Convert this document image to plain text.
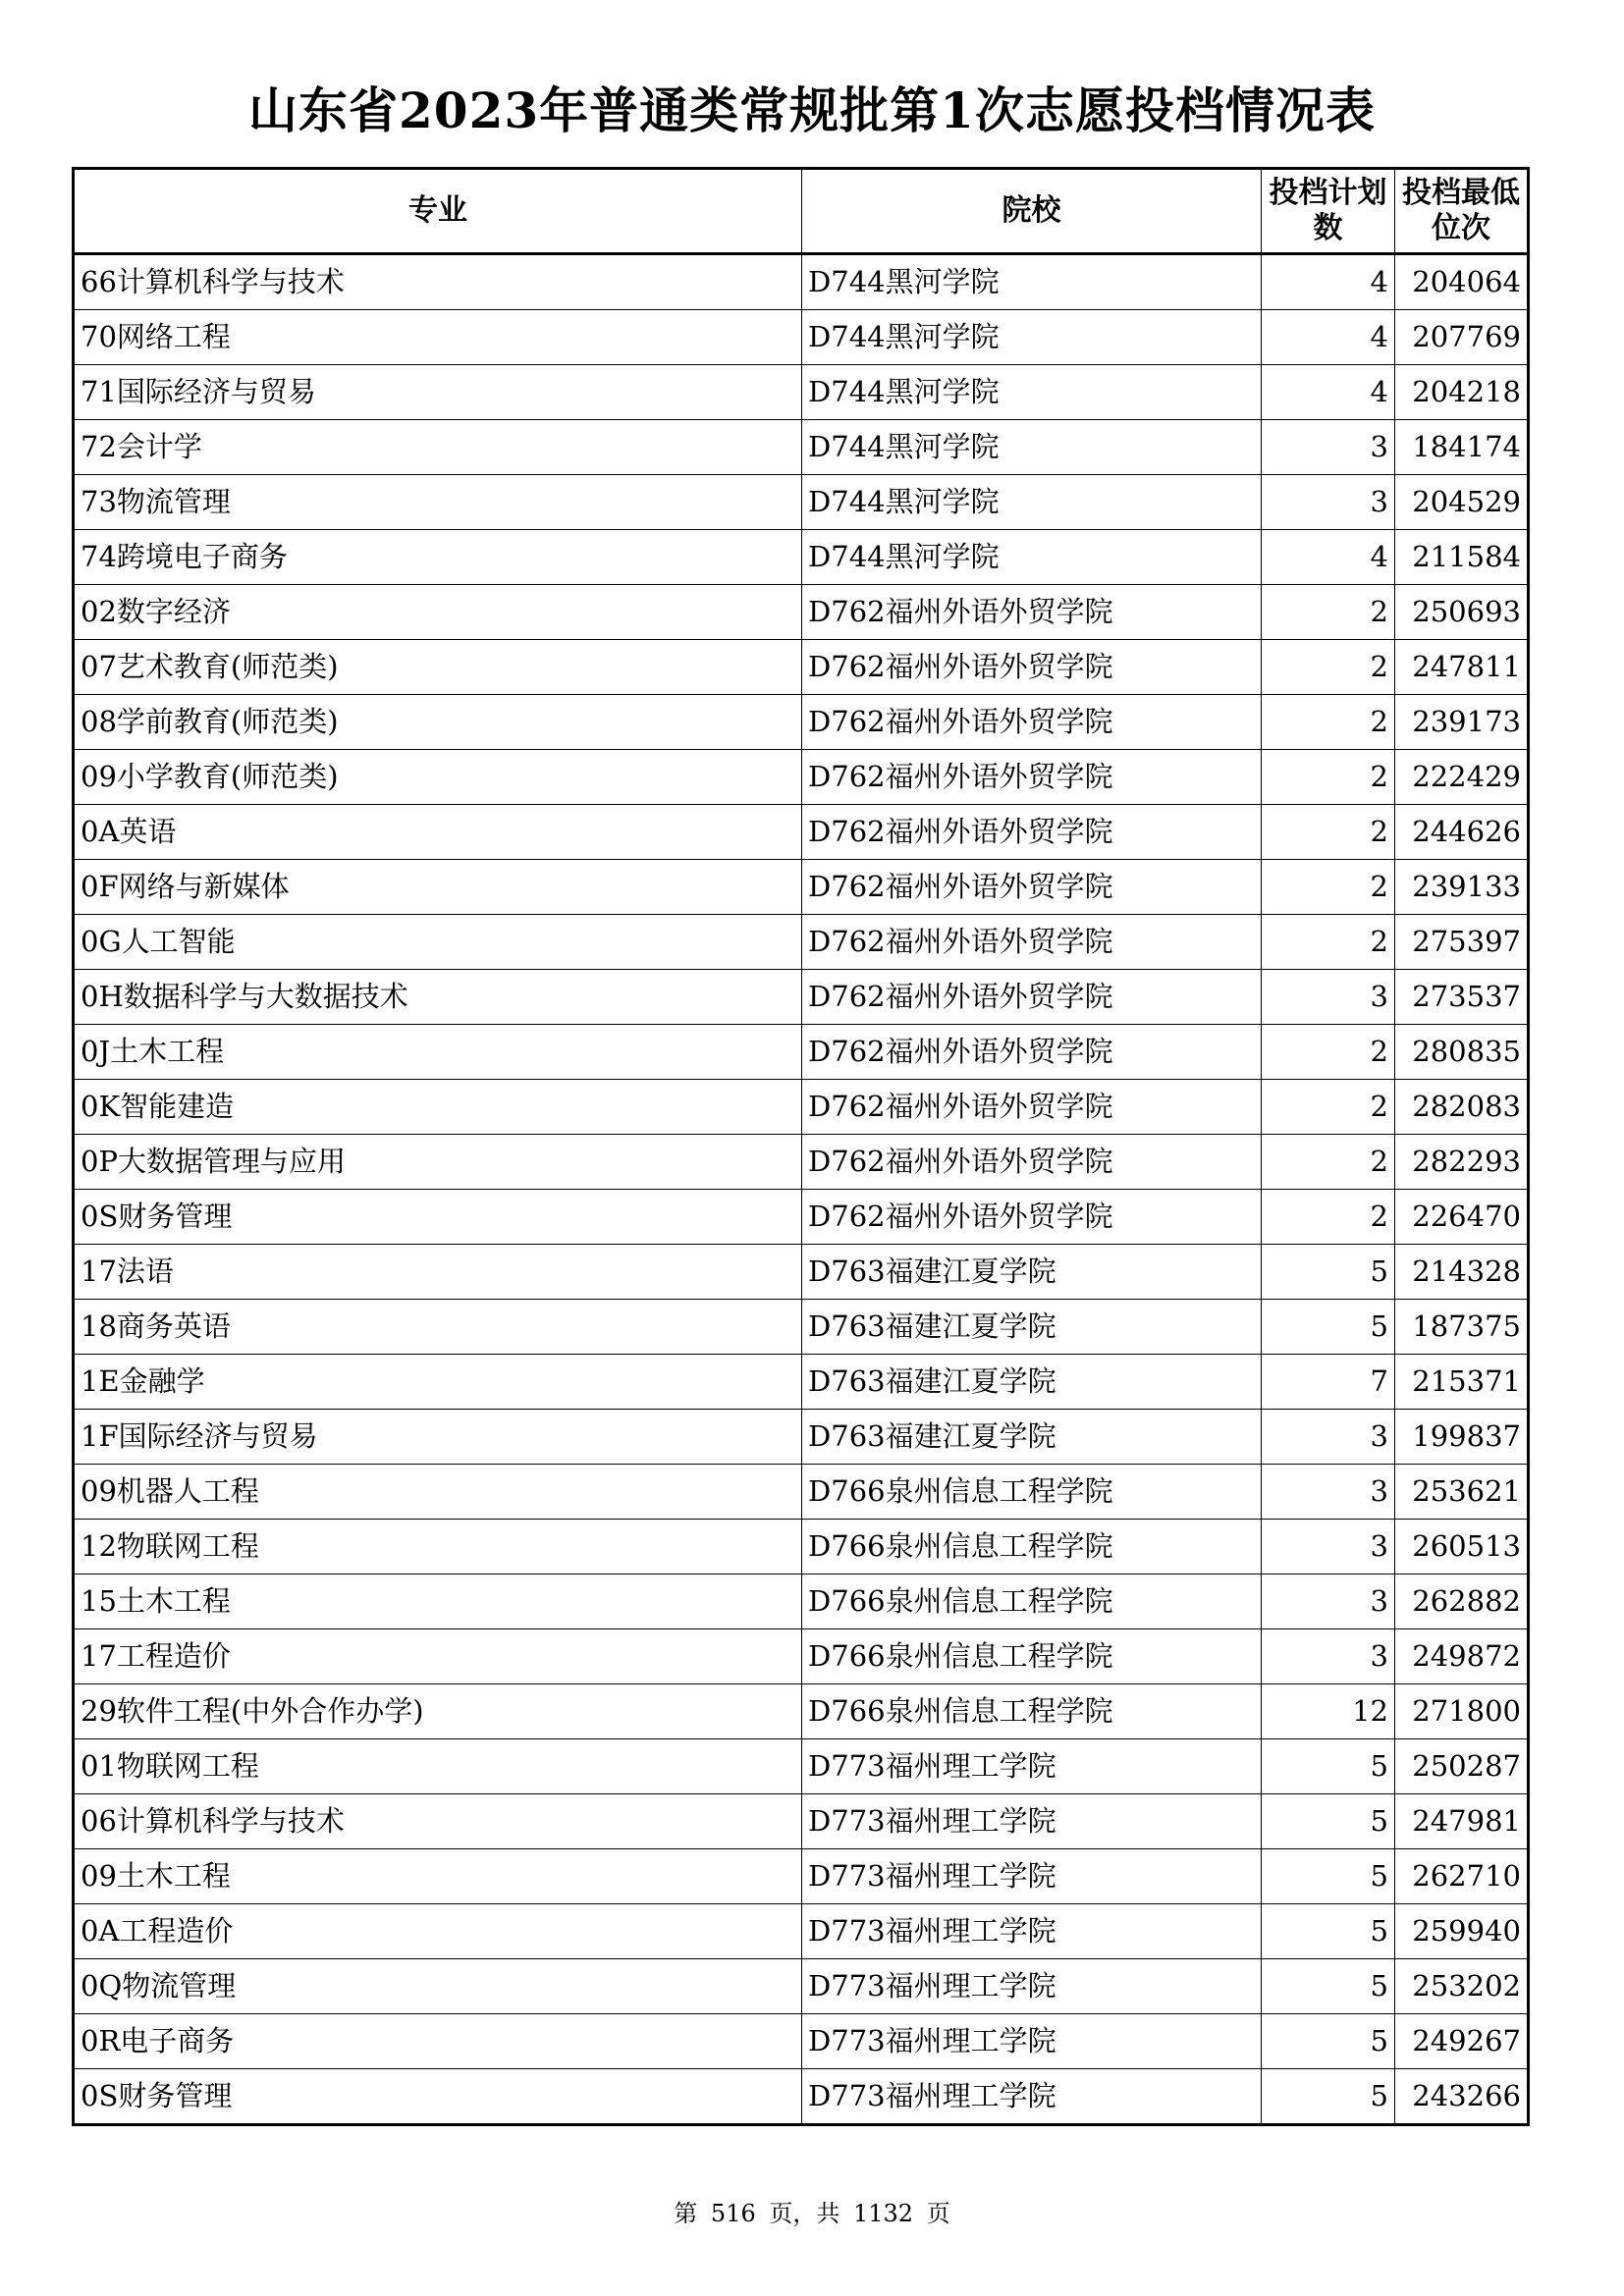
山东省2023年普通类常规批第1次志愿投档情况表
专业	院校	投档计划数	投档最低位次
66计算机科学与技术	D744黑河学院	4	204064
70网络工程	D744黑河学院	4	207769
71国际经济与贸易	D744黑河学院	4	204218
72会计学	D744黑河学院	3	184174
73物流管理	D744黑河学院	3	204529
74跨境电子商务	D744黑河学院	4	211584
02数字经济	D762福州外语外贸学院	2	250693
07艺术教育(师范类)	D762福州外语外贸学院	2	247811
08学前教育(师范类)	D762福州外语外贸学院	2	239173
09小学教育(师范类)	D762福州外语外贸学院	2	222429
0A英语	D762福州外语外贸学院	2	244626
0F网络与新媒体	D762福州外语外贸学院	2	239133
0G人工智能	D762福州外语外贸学院	2	275397
0H数据科学与大数据技术	D762福州外语外贸学院	3	273537
0J土木工程	D762福州外语外贸学院	2	280835
0K智能建造	D762福州外语外贸学院	2	282083
0P大数据管理与应用	D762福州外语外贸学院	2	282293
0S财务管理	D762福州外语外贸学院	2	226470
17法语	D763福建江夏学院	5	214328
18商务英语	D763福建江夏学院	5	187375
1E金融学	D763福建江夏学院	7	215371
1F国际经济与贸易	D763福建江夏学院	3	199837
09机器人工程	D766泉州信息工程学院	3	253621
12物联网工程	D766泉州信息工程学院	3	260513
15土木工程	D766泉州信息工程学院	3	262882
17工程造价	D766泉州信息工程学院	3	249872
29软件工程(中外合作办学)	D766泉州信息工程学院	12	271800
01物联网工程	D773福州理工学院	5	250287
06计算机科学与技术	D773福州理工学院	5	247981
09土木工程	D773福州理工学院	5	262710
0A工程造价	D773福州理工学院	5	259940
0Q物流管理	D773福州理工学院	5	253202
0R电子商务	D773福州理工学院	5	249267
0S财务管理	D773福州理工学院	5	243266
第 516 页，共 1132 页
